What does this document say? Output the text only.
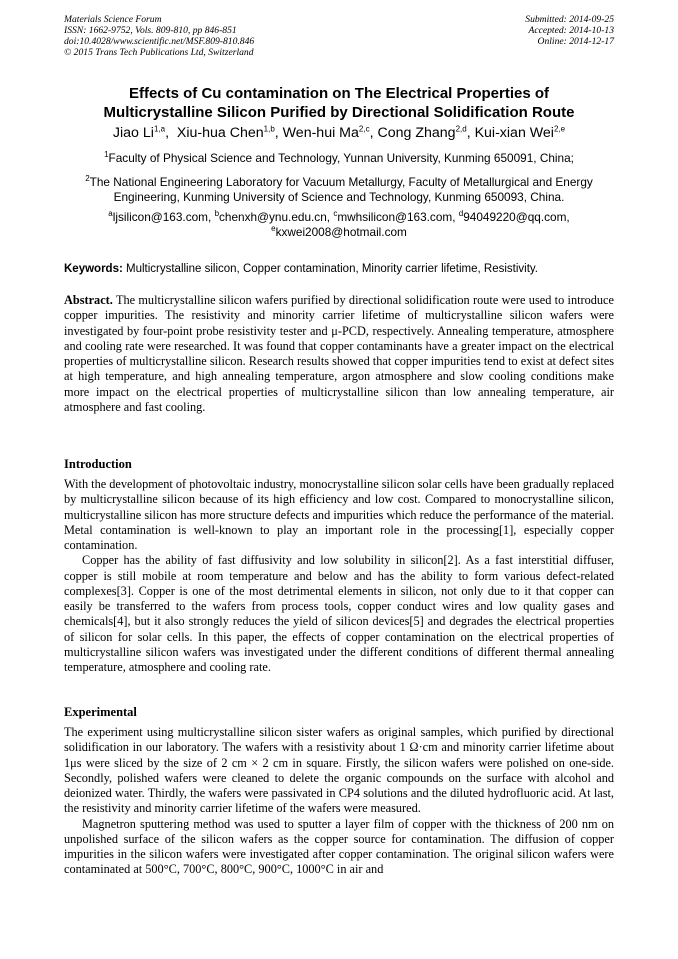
Materials Science Forum
ISSN: 1662-9752, Vols. 809-810, pp 846-851
doi:10.4028/www.scientific.net/MSF.809-810.846
© 2015 Trans Tech Publications Ltd, Switzerland
Submitted: 2014-09-25
Accepted: 2014-10-13
Online: 2014-12-17
Effects of Cu contamination on The Electrical Properties of
Multicrystalline Silicon Purified by Directional Solidification Route
Jiao Li$^{1,a}$,  Xiu-hua Chen$^{1,b}$, Wen-hui Ma$^{2,c}$, Cong Zhang$^{2,d}$, Kui-xian Wei$^{2,e}$
$^1$Faculty of Physical Science and Technology, Yunnan University, Kunming 650091, China;
$^2$The National Engineering Laboratory for Vacuum Metallurgy, Faculty of Metallurgical and Energy
Engineering, Kunming University of Science and Technology, Kunming 650093, China.
$^a$ljsilicon@163.com, $^b$chenxh@ynu.edu.cn, $^c$mwhsilicon@163.com, $^d$94049220@qq.com,
$^e$kxwei2008@hotmail.com
Keywords: Multicrystalline silicon, Copper contamination, Minority carrier lifetime, Resistivity.

Abstract. The multicrystalline silicon wafers purified by directional solidification route were used to introduce copper impurities. The resistivity and minority carrier lifetime of multicrystalline silicon wafers were investigated by four-point probe resistivity tester and μ-PCD, respectively. Annealing temperature, atmosphere and cooling rate were researched. It was found that copper contaminants have a greater impact on the electrical properties of multicrystalline silicon. Research results showed that copper impurities tend to exist at defect sites at high temperature, and high annealing temperature, argon atmosphere and slow cooling conditions make more impact on the electrical properties of multicrystalline silicon than low annealing temperature, air atmosphere and fast cooling.

Introduction

With the development of photovoltaic industry, monocrystalline silicon solar cells have been gradually replaced by multicrystalline silicon because of its high efficiency and low cost. Compared to monocrystalline silicon, multicrystalline silicon has more structure defects and impurities which reduce the performance of the material. Metal contamination is well-known to play an important role in the processing[1], especially copper contamination.

Copper has the ability of fast diffusivity and low solubility in silicon[2]. As a fast interstitial diffuser, copper is still mobile at room temperature and below and has the ability to form various defect-related complexes[3]. Copper is one of the most detrimental elements in silicon, not only due to it that copper can easily be transferred to the wafers from process tools, copper conduct wires and low quality gases and chemicals[4], but it also strongly reduces the yield of silicon devices[5] and degrades the electrical properties of silicon for solar cells. In this paper, the effects of copper contamination on the electrical properties of multicrystalline silicon wafers was investigated under the different conditions of different thermal annealing temperature, atmosphere and cooling rate.

Experimental

The experiment using multicrystalline silicon sister wafers as original samples, which purified by directional solidification in our laboratory. The wafers with a resistivity about 1 Ω·cm and minority carrier lifetime about 1μs were sliced by the size of 2 cm × 2 cm in square. Firstly, the silicon wafers were polished on one-side. Secondly, polished wafers were cleaned to delete the organic compounds on the surface with alcohol and deionized water. Thirdly, the wafers were passivated in CP4 solutions and the diluted hydrofluoric acid. At last, the resistivity and minority carrier lifetime of the wafers were measured.

Magnetron sputtering method was used to sputter a layer film of copper with the thickness of 200 nm on unpolished surface of the silicon wafers as the copper source for contamination. The diffusion of copper impurities in the silicon wafers were investigated after copper contamination. The original silicon wafers were contaminated at 500°C, 700°C, 800°C, 900°C, 1000°C in air and
